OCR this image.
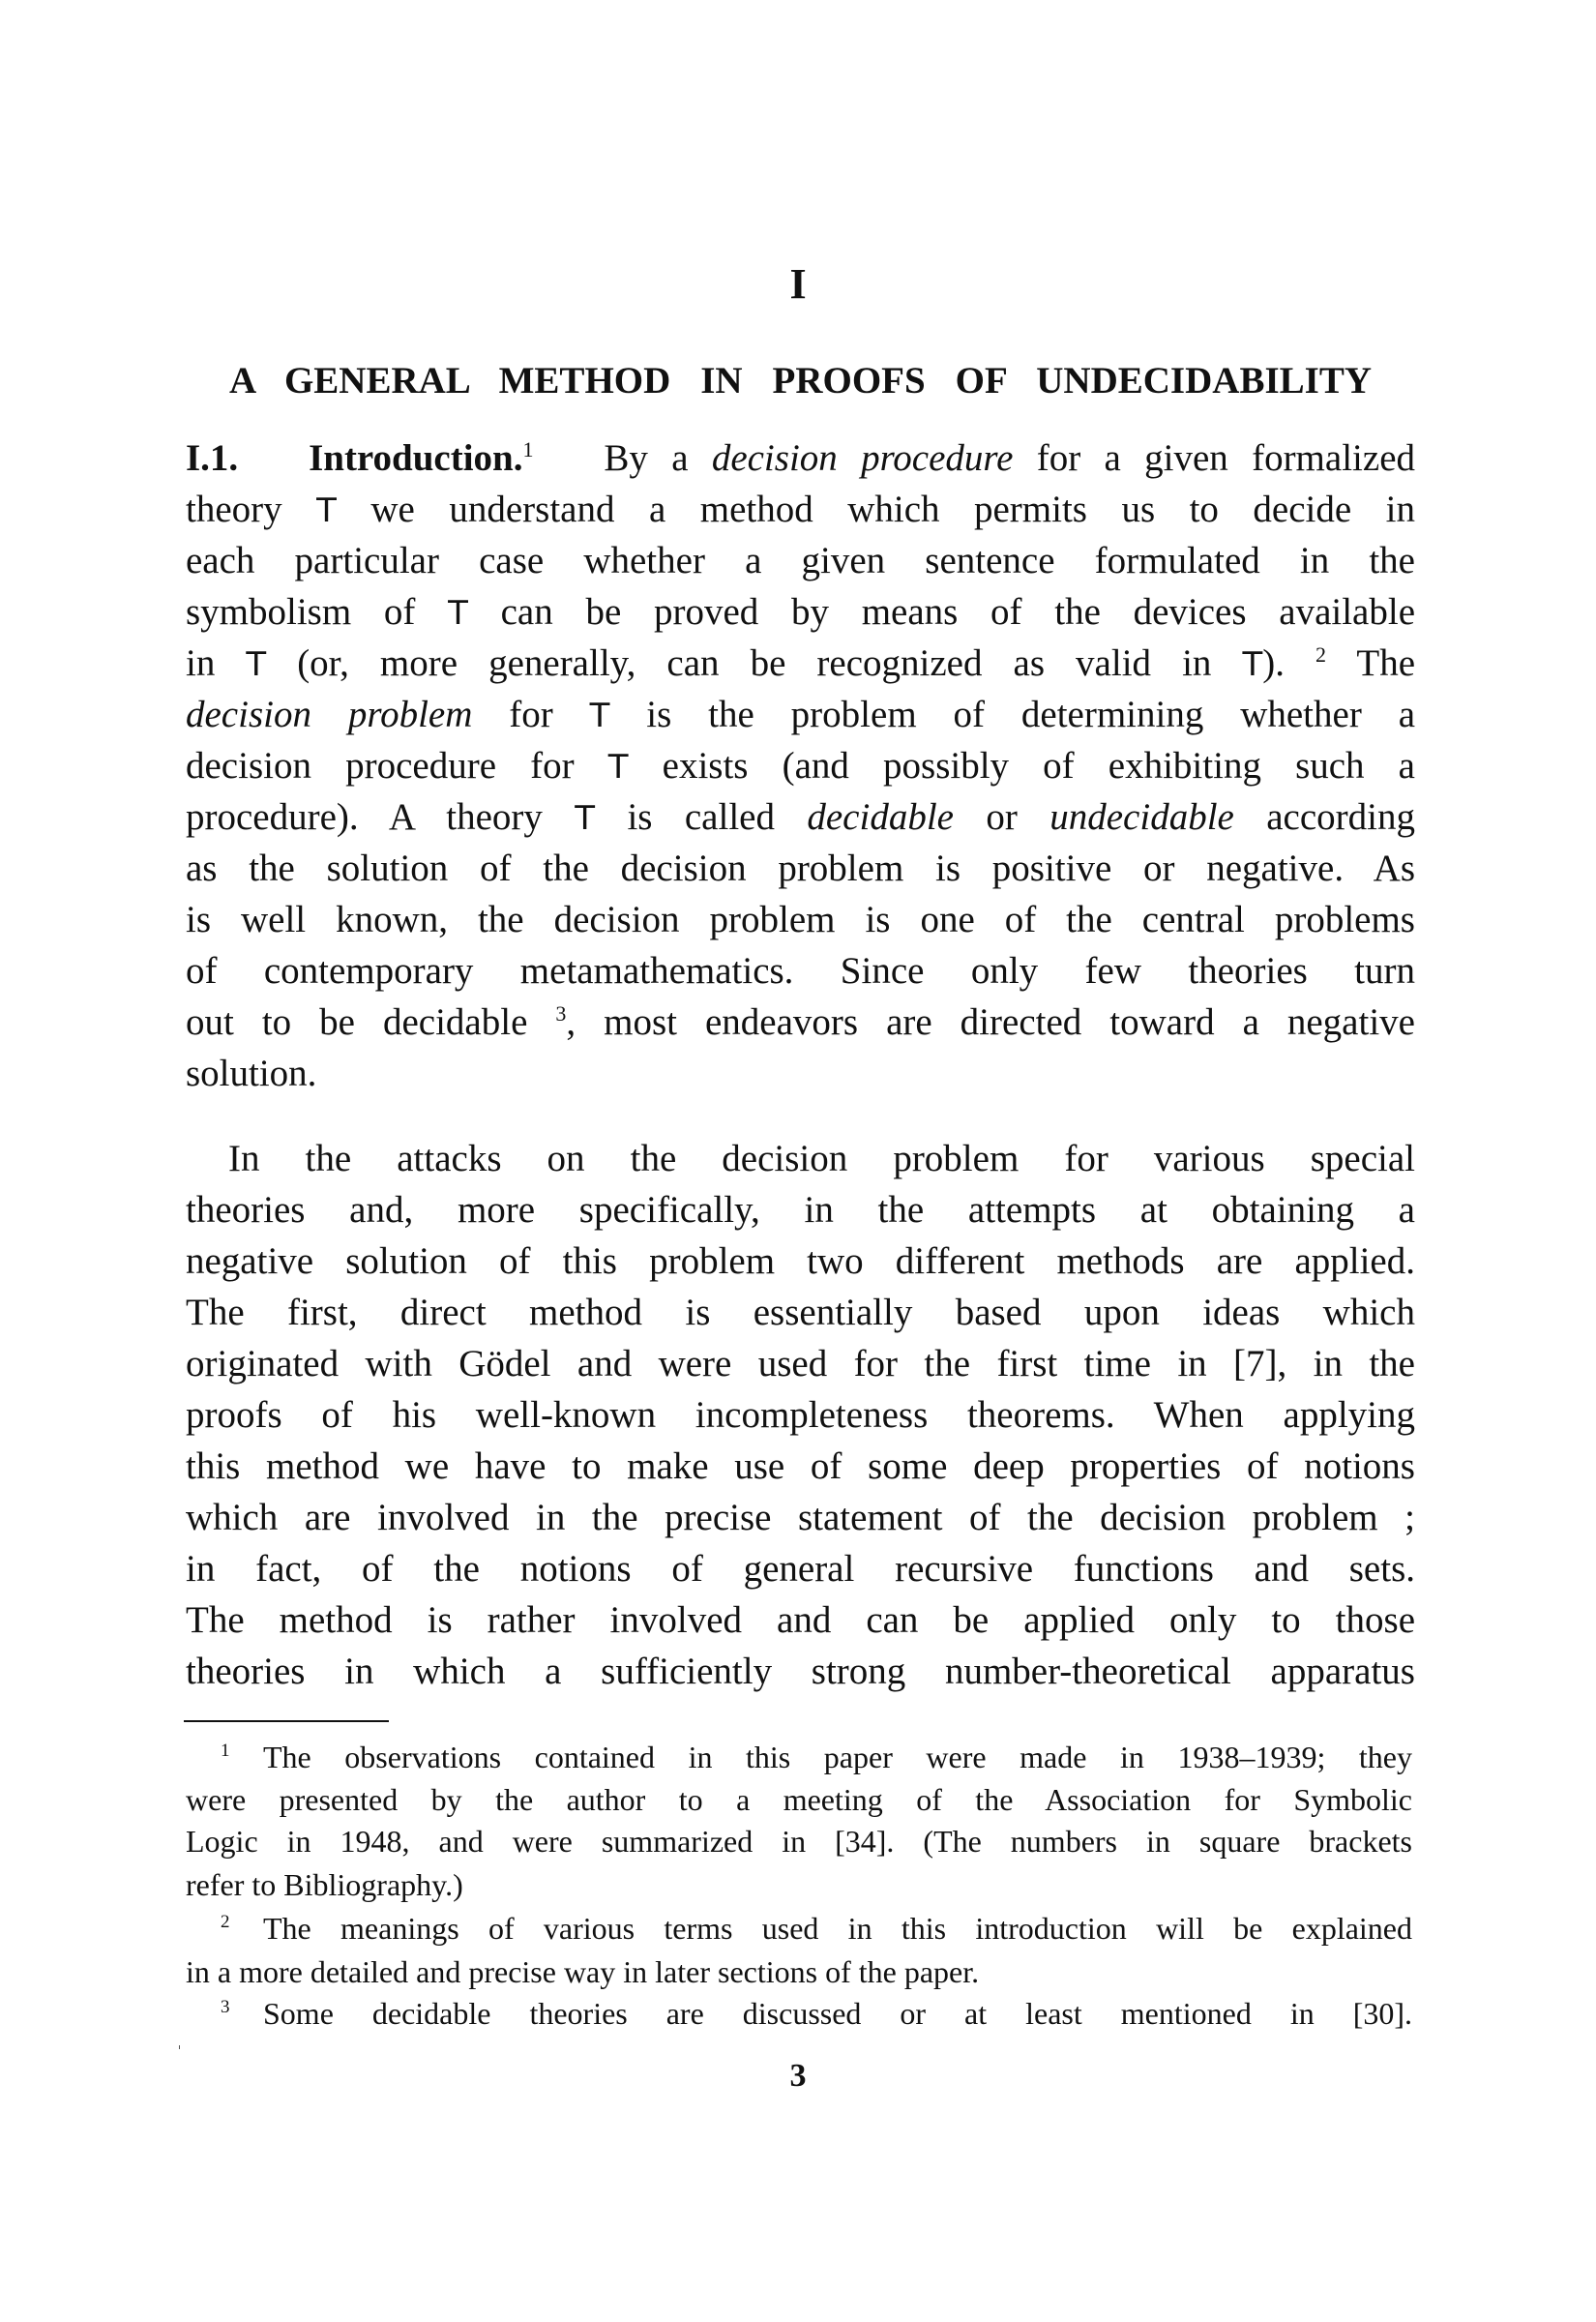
I
A GENERAL METHOD IN PROOFS OF UNDECIDABILITY
I.1. Introduction.$^1$ By a decision procedure for a given formalized
theory T we understand a method which permits us to decide in
each particular case whether a given sentence formulated in the
symbolism of T can be proved by means of the devices available
in T (or, more generally, can be recognized as valid in T). $^2$ The
decision problem for T is the problem of determining whether a
decision procedure for T exists (and possibly of exhibiting such a
procedure). A theory T is called decidable or undecidable according
as the solution of the decision problem is positive or negative. As
is well known, the decision problem is one of the central problems
of contemporary metamathematics. Since only few theories turn
out to be decidable $^3$, most endeavors are directed toward a negative
solution.
In the attacks on the decision problem for various special
theories and, more specifically, in the attempts at obtaining a
negative solution of this problem two different methods are applied.
The first, direct method is essentially based upon ideas which
originated with Gödel and were used for the first time in [7], in the
proofs of his well-known incompleteness theorems. When applying
this method we have to make use of some deep properties of notions
which are involved in the precise statement of the decision problem ;
in fact, of the notions of general recursive functions and sets.
The method is rather involved and can be applied only to those
theories in which a sufficiently strong number-theoretical apparatus
1 The observations contained in this paper were made in 1938–1939; they
were presented by the author to a meeting of the Association for Symbolic
Logic in 1948, and were summarized in [34]. (The numbers in square brackets
refer to Bibliography.)
2 The meanings of various terms used in this introduction will be explained
in a more detailed and precise way in later sections of the paper.
3 Some decidable theories are discussed or at least mentioned in [30].
3
